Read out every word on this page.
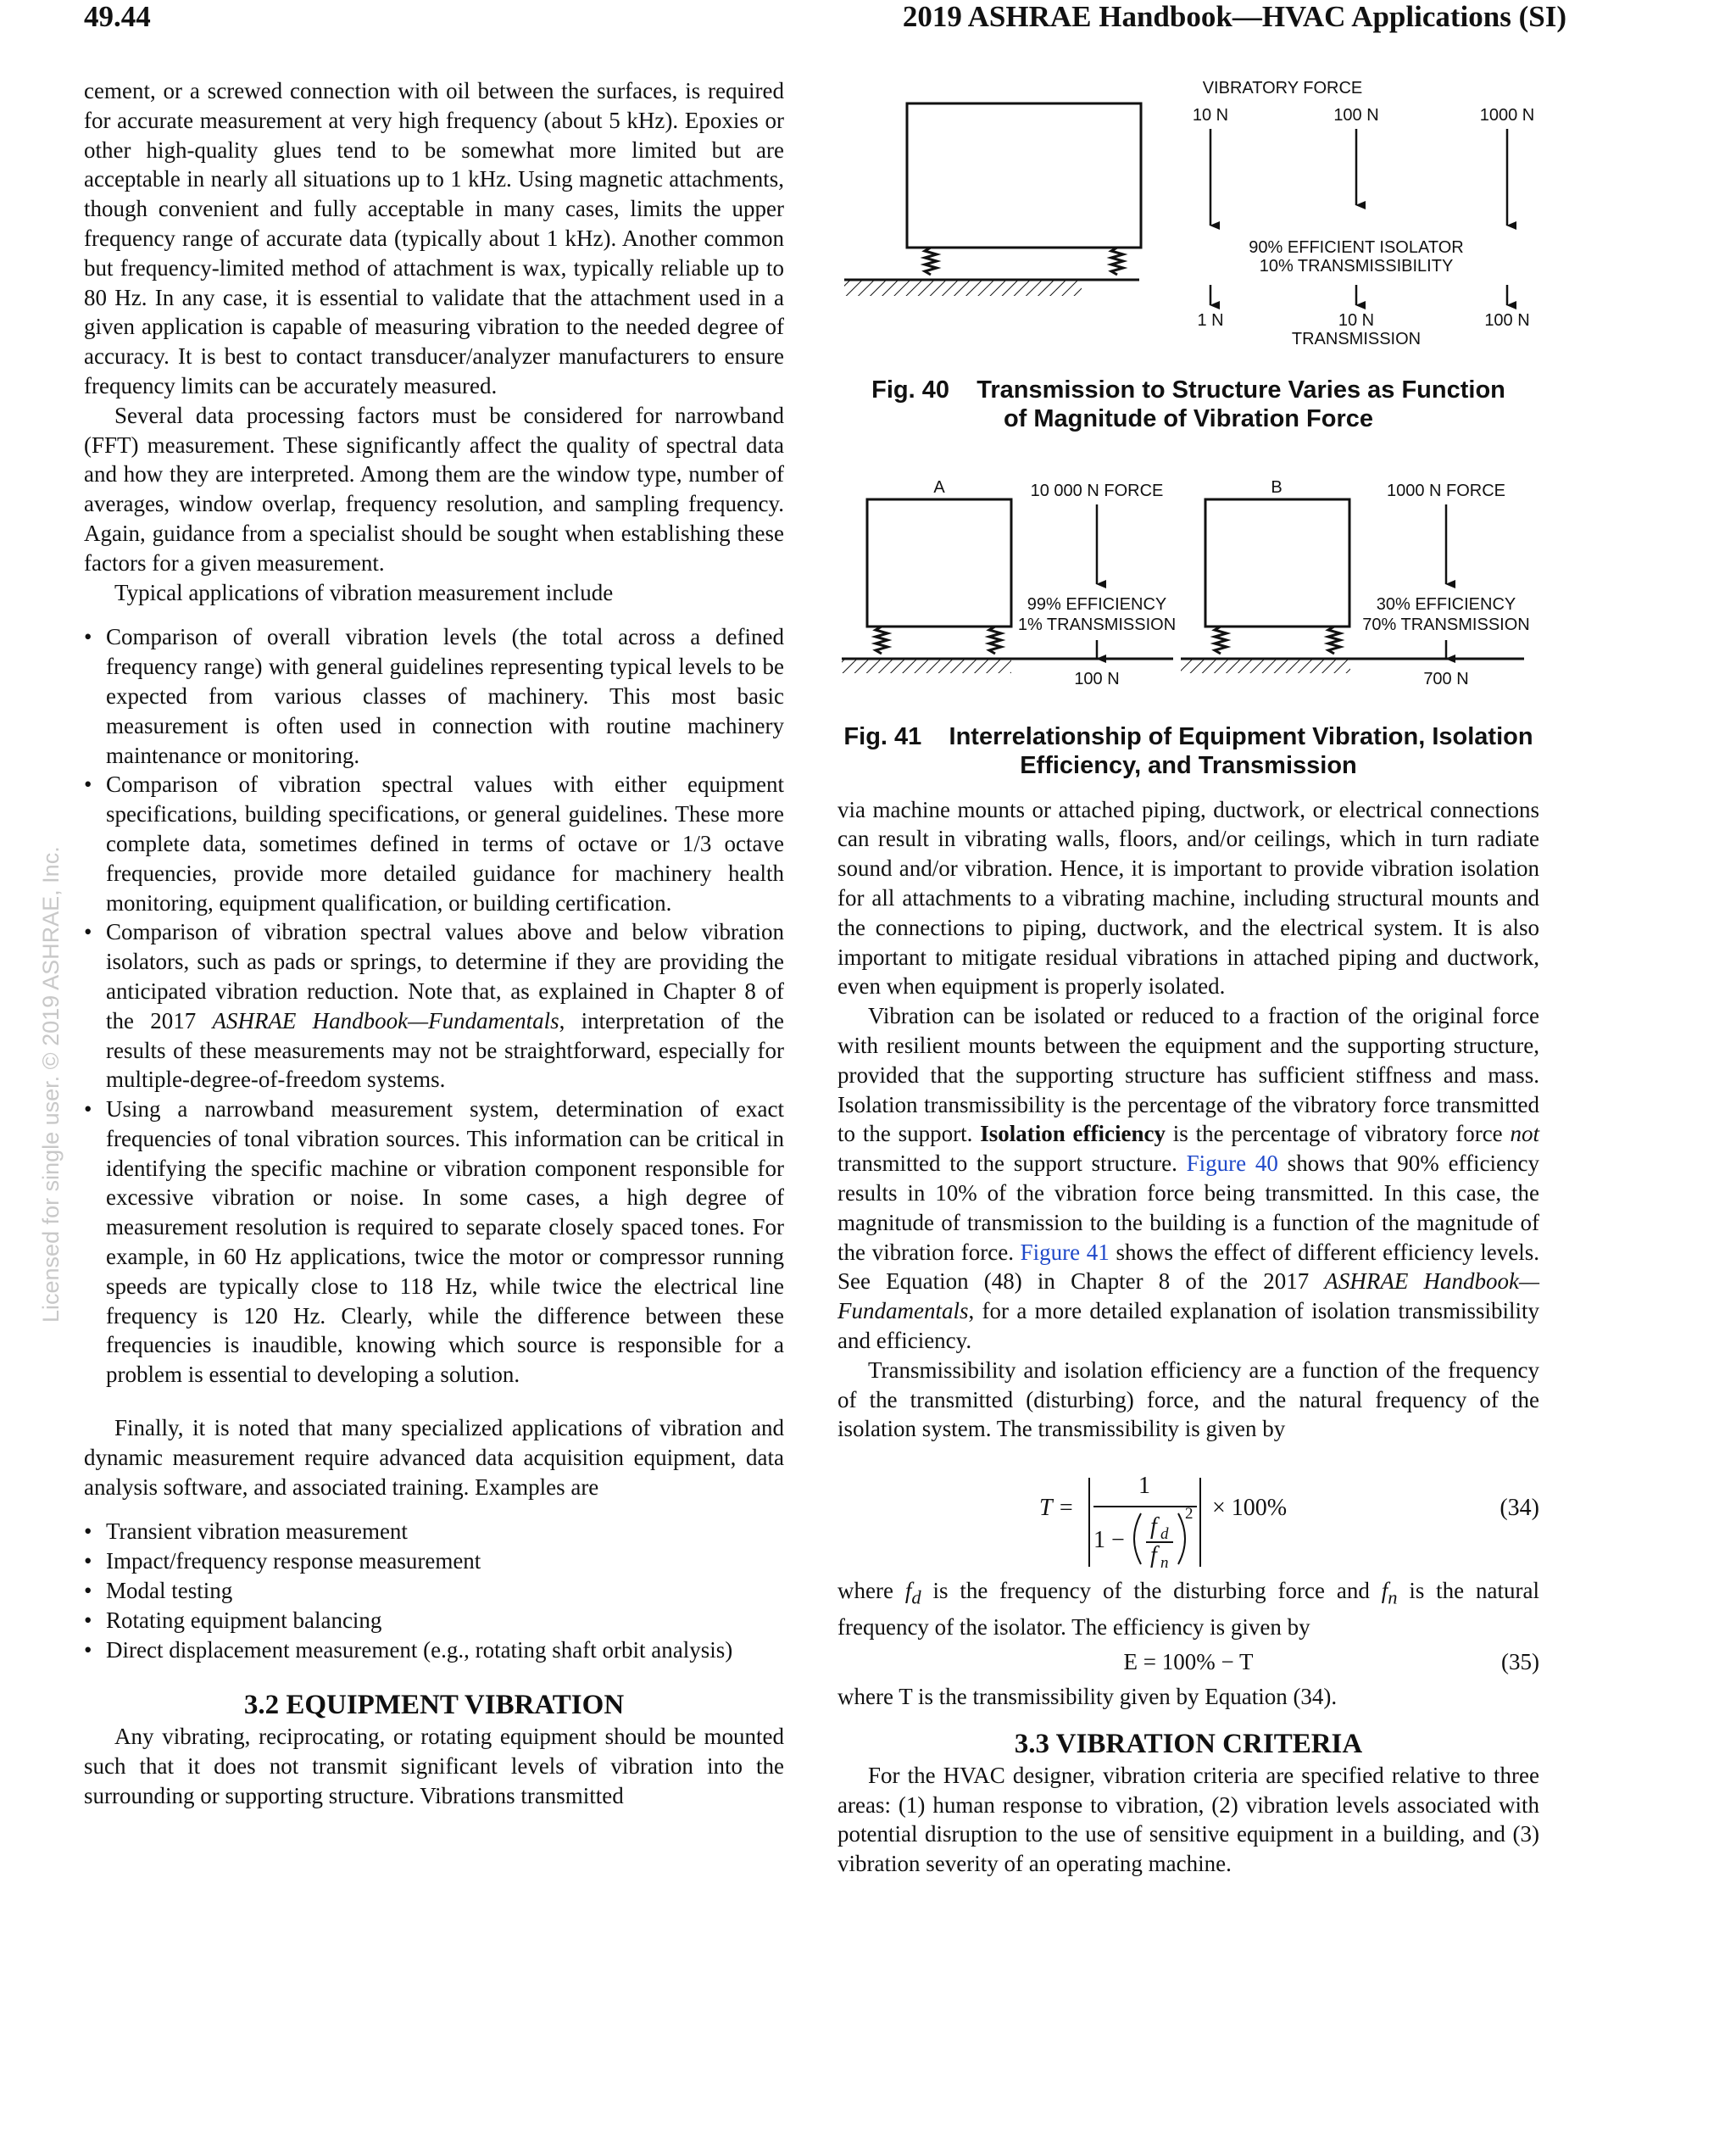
49.44	2019 ASHRAE Handbook—HVAC Applications (SI)
Licensed for single user. © 2019 ASHRAE, Inc.

cement, or a screwed connection with oil between the surfaces, is required for accurate measurement at very high frequency (about 5 kHz). Epoxies or other high-quality glues tend to be somewhat more limited but are acceptable in nearly all situations up to 1 kHz. Using magnetic attachments, though convenient and fully acceptable in many cases, limits the upper frequency range of accurate data (typically about 1 kHz). Another common but frequency-limited method of attachment is wax, typically reliable up to 80 Hz. In any case, it is essential to validate that the attachment used in a given application is capable of measuring vibration to the needed degree of accuracy. It is best to contact transducer/analyzer manufacturers to ensure frequency limits can be accurately measured.

Several data processing factors must be considered for narrowband (FFT) measurement. These significantly affect the quality of spectral data and how they are interpreted. Among them are the window type, number of averages, window overlap, frequency resolution, and sampling frequency. Again, guidance from a specialist should be sought when establishing these factors for a given measurement.

Typical applications of vibration measurement include

• Comparison of overall vibration levels (the total across a defined frequency range) with general guidelines representing typical levels to be expected from various classes of machinery. This most basic measurement is often used in connection with routine machinery maintenance or monitoring.
• Comparison of vibration spectral values with either equipment specifications, building specifications, or general guidelines. These more complete data, sometimes defined in terms of octave or 1/3 octave frequencies, provide more detailed guidance for machinery health monitoring, equipment qualification, or building certification.
• Comparison of vibration spectral values above and below vibration isolators, such as pads or springs, to determine if they are providing the anticipated vibration reduction. Note that, as explained in Chapter 8 of the 2017 ASHRAE Handbook—Fundamentals, interpretation of the results of these measurements may not be straightforward, especially for multiple-degree-of-freedom systems.
• Using a narrowband measurement system, determination of exact frequencies of tonal vibration sources. This information can be critical in identifying the specific machine or vibration component responsible for excessive vibration or noise. In some cases, a high degree of measurement resolution is required to separate closely spaced tones. For example, in 60 Hz applications, twice the motor or compressor running speeds are typically close to 118 Hz, while twice the electrical line frequency is 120 Hz. Clearly, while the difference between these frequencies is inaudible, knowing which source is responsible for a problem is essential to developing a solution.

Finally, it is noted that many specialized applications of vibration and dynamic measurement require advanced data acquisition equipment, data analysis software, and associated training. Examples are

• Transient vibration measurement
• Impact/frequency response measurement
• Modal testing
• Rotating equipment balancing
• Direct displacement measurement (e.g., rotating shaft orbit analysis)
3.2 EQUIPMENT VIBRATION

Any vibrating, reciprocating, or rotating equipment should be mounted such that it does not transmit significant levels of vibration into the surrounding or supporting structure. Vibrations transmitted

VIBRATORY FORCE
10 N	100 N	1000 N
90% EFFICIENT ISOLATOR
10% TRANSMISSIBILITY
1 N	10 N	100 N
TRANSMISSION
Fig. 40 Transmission to Structure Varies as Function
of Magnitude of Vibration Force
A	10 000 N FORCE
99% EFFICIENCY
1% TRANSMISSION
100 N
B	1000 N FORCE
30% EFFICIENCY
70% TRANSMISSION
700 N
Fig. 41 Interrelationship of Equipment Vibration, Isolation
Efficiency, and Transmission

via machine mounts or attached piping, ductwork, or electrical connections can result in vibrating walls, floors, and/or ceilings, which in turn radiate sound and/or vibration. Hence, it is important to provide vibration isolation for all attachments to a vibrating machine, including structural mounts and the connections to piping, ductwork, and the electrical system. It is also important to mitigate residual vibrations in attached piping and ductwork, even when equipment is properly isolated.

Vibration can be isolated or reduced to a fraction of the original force with resilient mounts between the equipment and the supporting structure, provided that the supporting structure has sufficient stiffness and mass. Isolation transmissibility is the percentage of the vibratory force transmitted to the support. Isolation efficiency is the percentage of vibratory force not transmitted to the support structure. Figure 40 shows that 90% efficiency results in 10% of the vibration force being transmitted. In this case, the magnitude of transmission to the building is a function of the magnitude of the vibration force. Figure 41 shows the effect of different efficiency levels. See Equation (48) in Chapter 8 of the 2017 ASHRAE Handbook—Fundamentals, for a more detailed explanation of isolation transmissibility and efficiency.

Transmissibility and isolation efficiency are a function of the frequency of the transmitted (disturbing) force, and the natural frequency of the isolation system. The transmissibility is given by

T =
1
1 −
f d
f n
2 × 100%	(34)

where $f_d$ is the frequency of the disturbing force and $f_n$ is the natural frequency of the isolator. The efficiency is given by

E = 100% − T	(35)

where T is the transmissibility given by Equation (34).

3.3 VIBRATION CRITERIA

For the HVAC designer, vibration criteria are specified relative to three areas: (1) human response to vibration, (2) vibration levels associated with potential disruption to the use of sensitive equipment in a building, and (3) vibration severity of an operating machine.
